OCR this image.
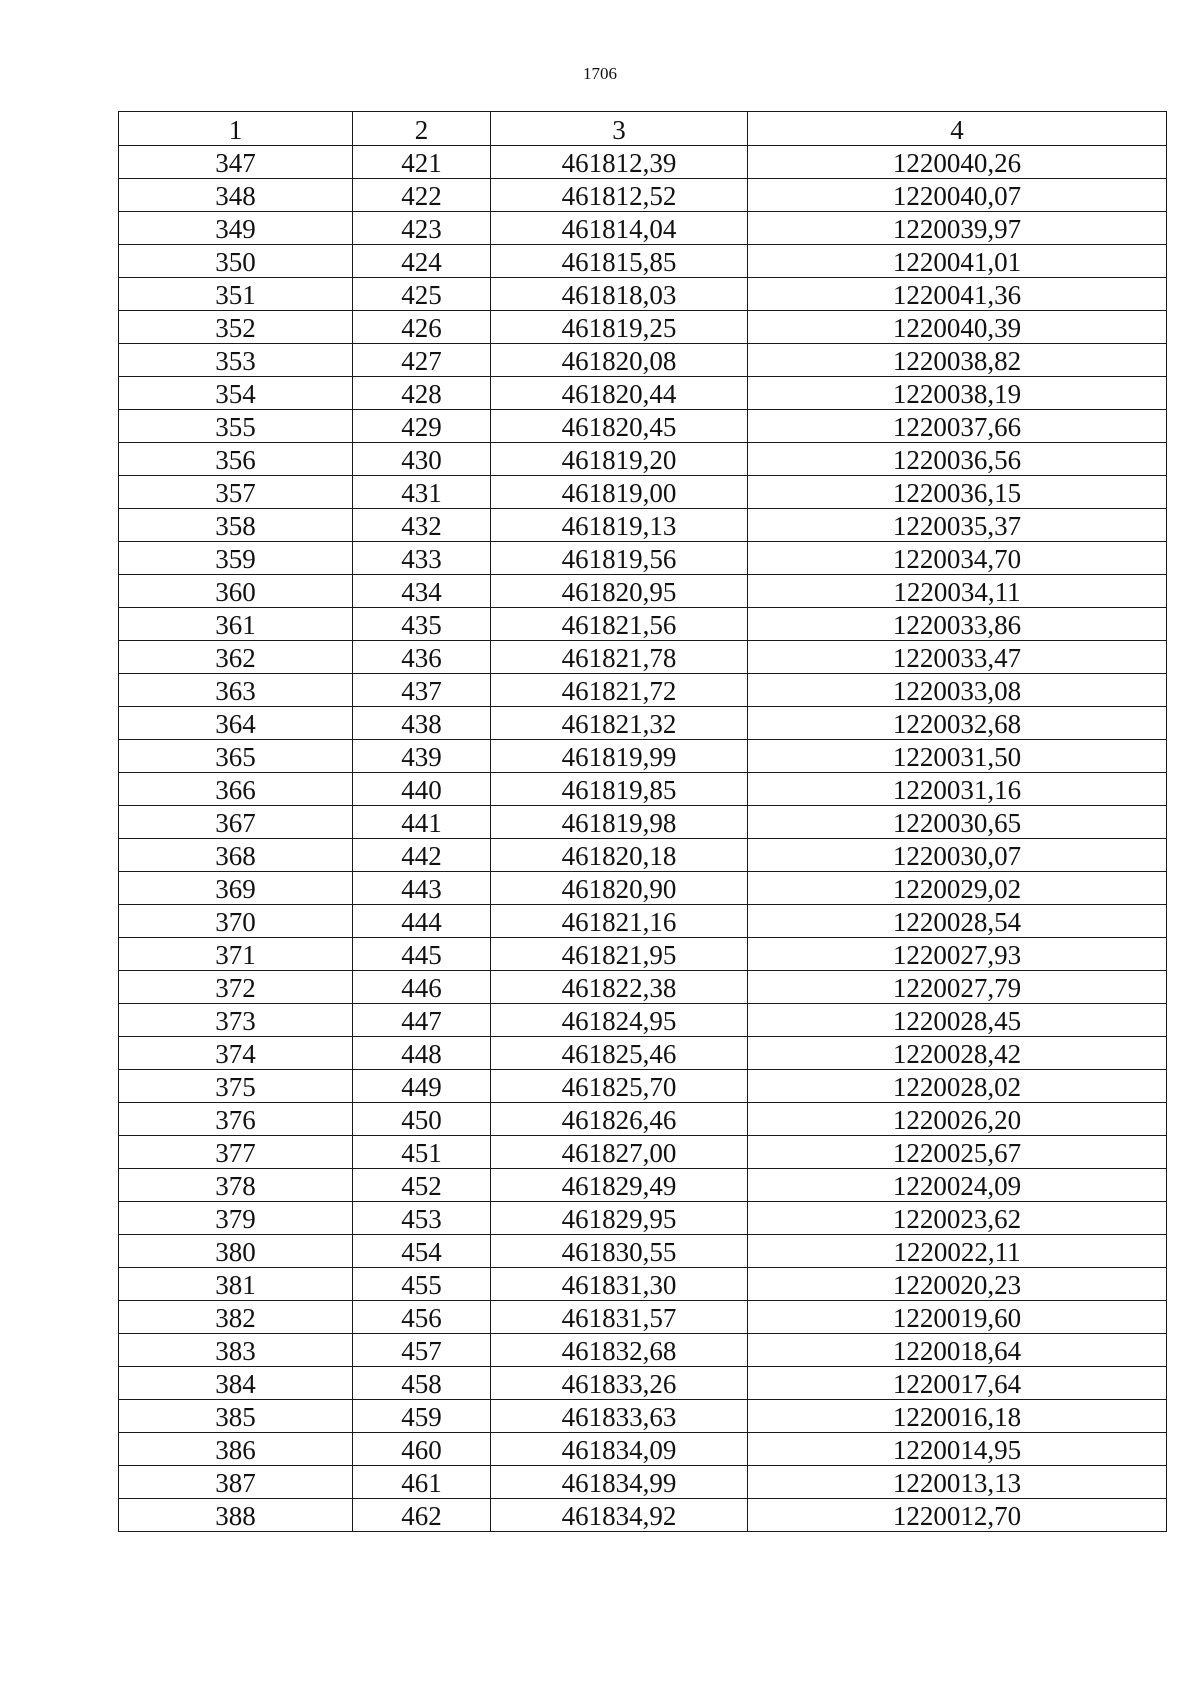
1706
1	2	3	4
347	421	461812,39	1220040,26
348	422	461812,52	1220040,07
349	423	461814,04	1220039,97
350	424	461815,85	1220041,01
351	425	461818,03	1220041,36
352	426	461819,25	1220040,39
353	427	461820,08	1220038,82
354	428	461820,44	1220038,19
355	429	461820,45	1220037,66
356	430	461819,20	1220036,56
357	431	461819,00	1220036,15
358	432	461819,13	1220035,37
359	433	461819,56	1220034,70
360	434	461820,95	1220034,11
361	435	461821,56	1220033,86
362	436	461821,78	1220033,47
363	437	461821,72	1220033,08
364	438	461821,32	1220032,68
365	439	461819,99	1220031,50
366	440	461819,85	1220031,16
367	441	461819,98	1220030,65
368	442	461820,18	1220030,07
369	443	461820,90	1220029,02
370	444	461821,16	1220028,54
371	445	461821,95	1220027,93
372	446	461822,38	1220027,79
373	447	461824,95	1220028,45
374	448	461825,46	1220028,42
375	449	461825,70	1220028,02
376	450	461826,46	1220026,20
377	451	461827,00	1220025,67
378	452	461829,49	1220024,09
379	453	461829,95	1220023,62
380	454	461830,55	1220022,11
381	455	461831,30	1220020,23
382	456	461831,57	1220019,60
383	457	461832,68	1220018,64
384	458	461833,26	1220017,64
385	459	461833,63	1220016,18
386	460	461834,09	1220014,95
387	461	461834,99	1220013,13
388	462	461834,92	1220012,70
